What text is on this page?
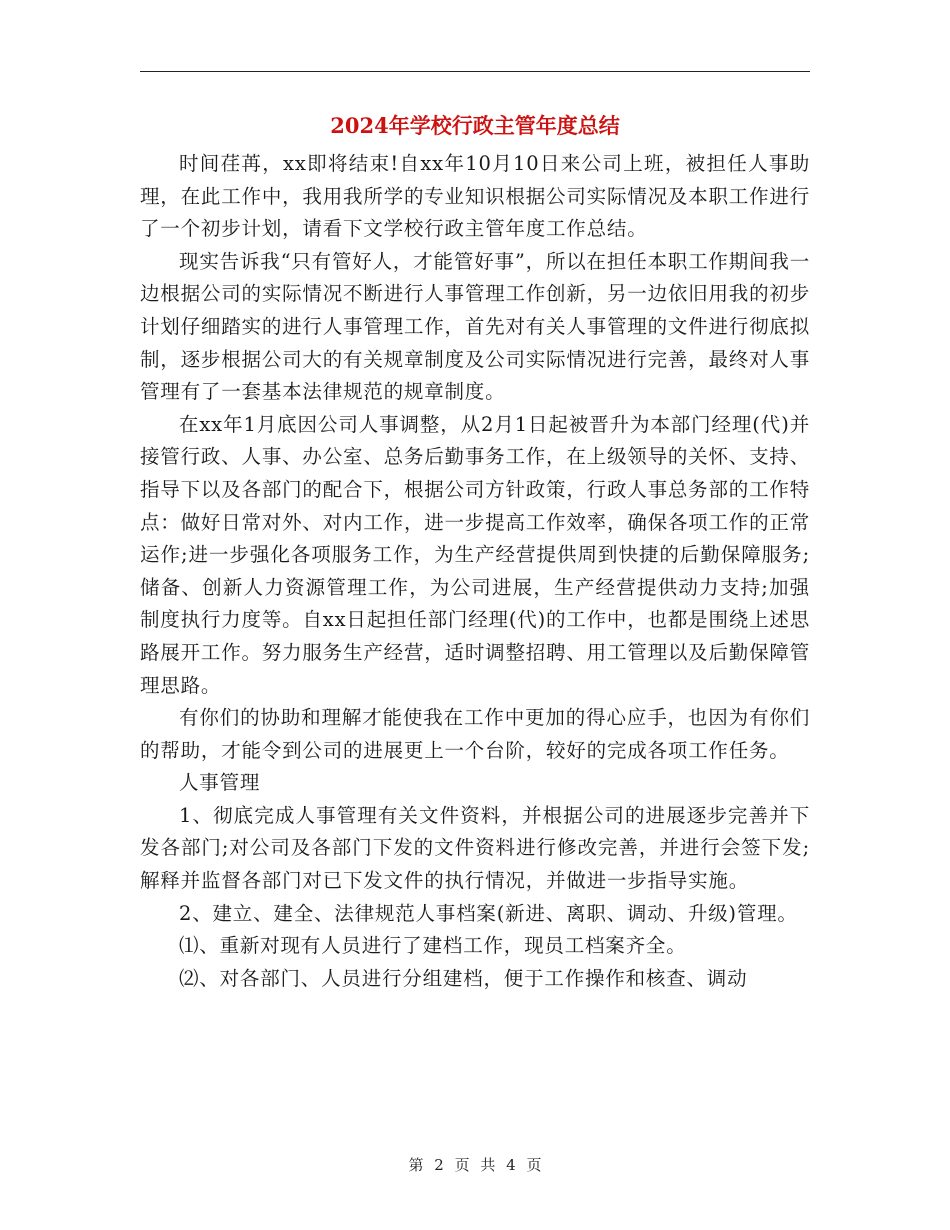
2024年学校行政主管年度总结

时间荏苒，xx即将结束!自xx年10月10日来公司上班，被担任人事助理，在此工作中，我用我所学的专业知识根据公司实际情况及本职工作进行了一个初步计划，请看下文学校行政主管年度工作总结。

现实告诉我“只有管好人，才能管好事”，所以在担任本职工作期间我一边根据公司的实际情况不断进行人事管理工作创新，另一边依旧用我的初步计划仔细踏实的进行人事管理工作，首先对有关人事管理的文件进行彻底拟制，逐步根据公司大的有关规章制度及公司实际情况进行完善，最终对人事管理有了一套基本法律规范的规章制度。

在xx年1月底因公司人事调整，从2月1日起被晋升为本部门经理(代)并接管行政、人事、办公室、总务后勤事务工作，在上级领导的关怀、支持、指导下以及各部门的配合下，根据公司方针政策，行政人事总务部的工作特点：做好日常对外、对内工作，进一步提高工作效率，确保各项工作的正常运作;进一步强化各项服务工作，为生产经营提供周到快捷的后勤保障服务;储备、创新人力资源管理工作，为公司进展，生产经营提供动力支持;加强制度执行力度等。自xx日起担任部门经理(代)的工作中，也都是围绕上述思路展开工作。努力服务生产经营，适时调整招聘、用工管理以及后勤保障管理思路。

有你们的协助和理解才能使我在工作中更加的得心应手，也因为有你们的帮助，才能令到公司的进展更上一个台阶，较好的完成各项工作任务。

人事管理

1、彻底完成人事管理有关文件资料，并根据公司的进展逐步完善并下发各部门;对公司及各部门下发的文件资料进行修改完善，并进行会签下发;解释并监督各部门对已下发文件的执行情况，并做进一步指导实施。

2、建立、建全、法律规范人事档案(新进、离职、调动、升级)管理。

⑴、重新对现有人员进行了建档工作，现员工档案齐全。

⑵、对各部门、人员进行分组建档，便于工作操作和核查、调动

第 2 页 共 4 页
